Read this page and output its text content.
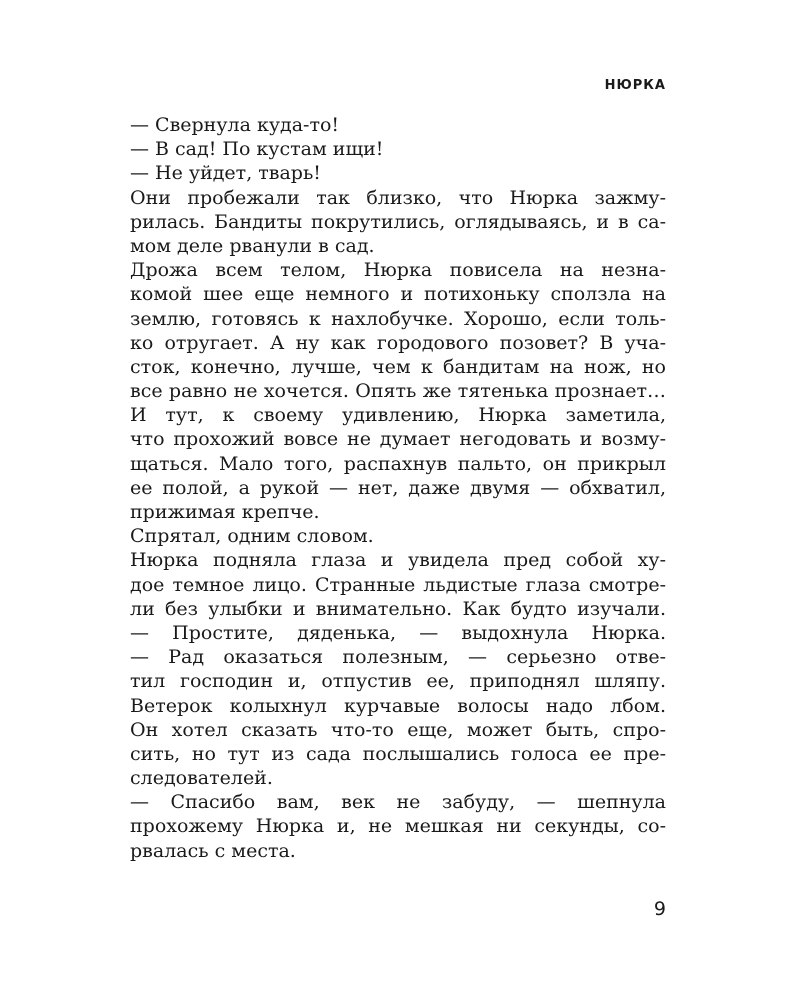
НЮРКА
— Свернула куда-то!
— В сад! По кустам ищи!
— Не уйдет, тварь!
Они пробежали так близко, что Нюрка зажму-
рилась. Бандиты покрутились, оглядываясь, и в са-
мом деле рванули в сад.
Дрожа всем телом, Нюрка повисела на незна-
комой шее еще немного и потихоньку сползла на
землю, готовясь к нахлобучке. Хорошо, если толь-
ко отругает. А ну как городового позовет? В уча-
сток, конечно, лучше, чем к бандитам на нож, но
все равно не хочется. Опять же тятенька прознает…
И тут, к своему удивлению, Нюрка заметила,
что прохожий вовсе не думает негодовать и возму-
щаться. Мало того, распахнув пальто, он прикрыл
ее полой, а рукой — нет, даже двумя — обхватил,
прижимая крепче.
Спрятал, одним словом.
Нюрка подняла глаза и увидела пред собой ху-
дое темное лицо. Странные льдистые глаза смотре-
ли без улыбки и внимательно. Как будто изучали.
— Простите, дяденька, — выдохнула Нюрка.
— Рад оказаться полезным, — серьезно отве-
тил господин и, отпустив ее, приподнял шляпу.
Ветерок колыхнул курчавые волосы надо лбом.
Он хотел сказать что-то еще, может быть, спро-
сить, но тут из сада послышались голоса ее пре-
следователей.
— Спасибо вам, век не забуду, — шепнула
прохожему Нюрка и, не мешкая ни секунды, со-
рвалась с места.
9
